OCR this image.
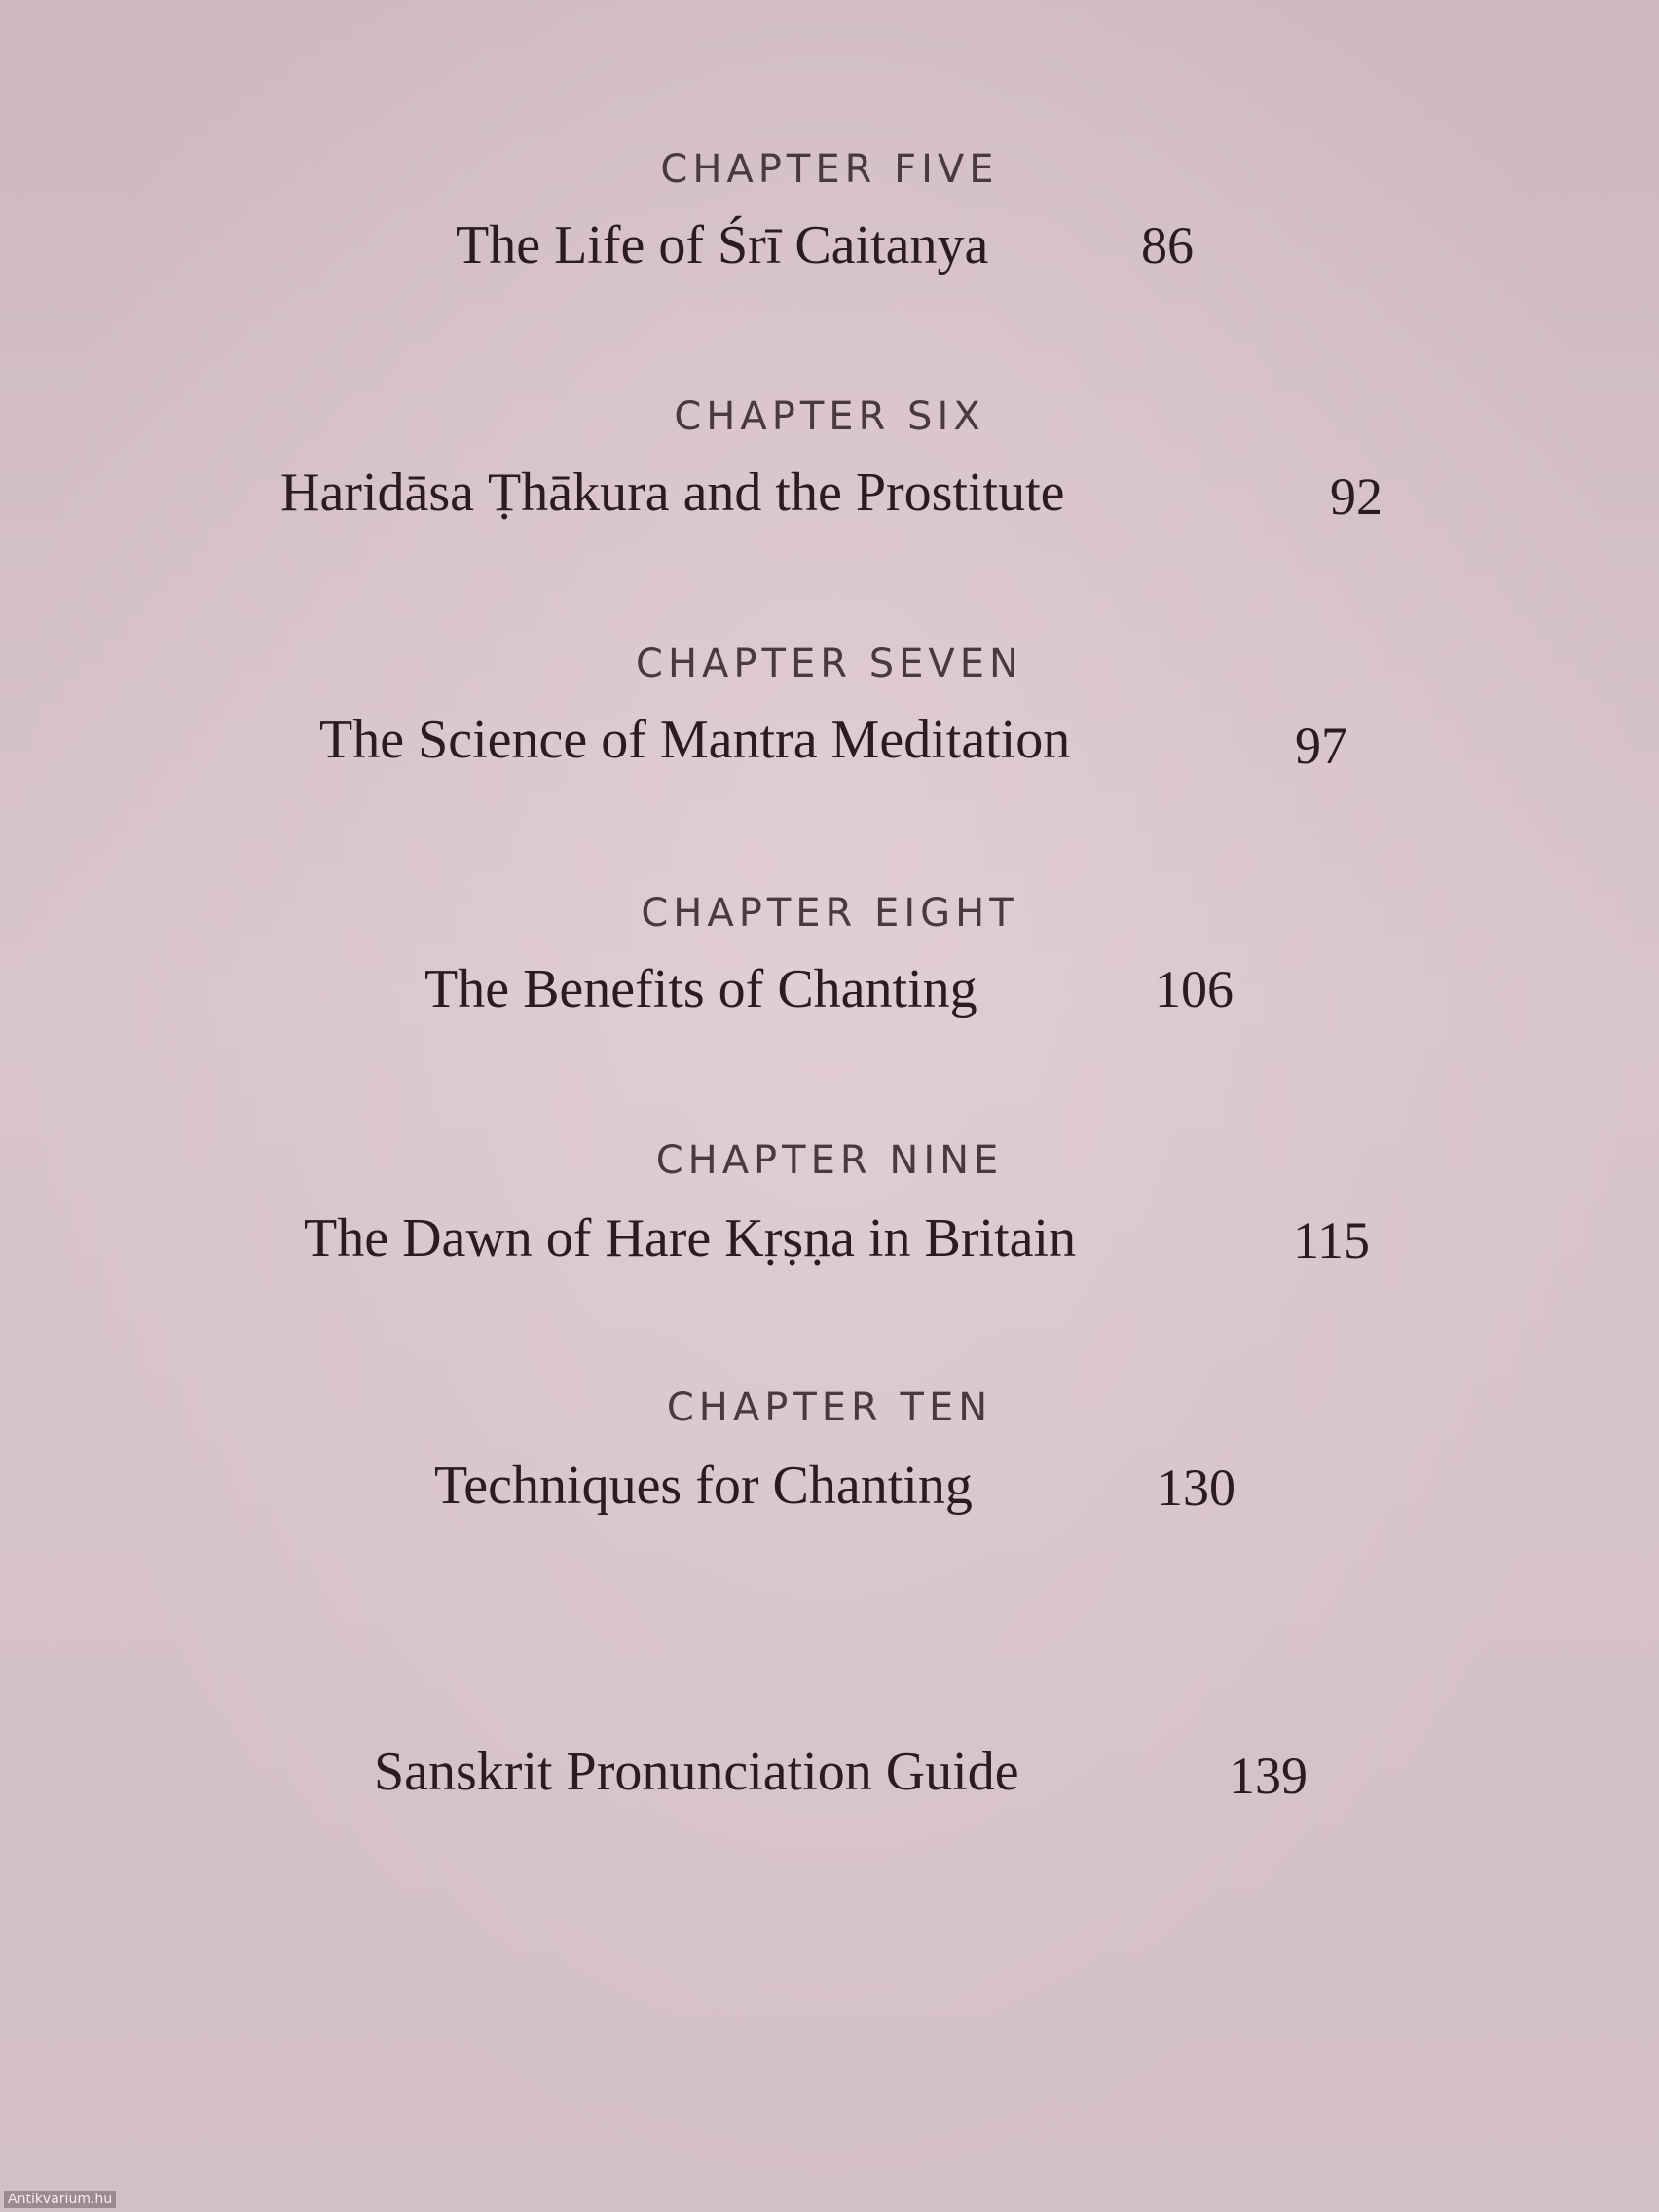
CHAPTER FIVE
The Life of Śrī Caitanya	86
CHAPTER SIX
Haridāsa Ṭhākura and the Prostitute	92
CHAPTER SEVEN
The Science of Mantra Meditation	97
CHAPTER EIGHT
The Benefits of Chanting	106
CHAPTER NINE
The Dawn of Hare Kṛṣṇa in Britain	115
CHAPTER TEN
Techniques for Chanting	130
Sanskrit Pronunciation Guide	139
Antikvarium.hu
